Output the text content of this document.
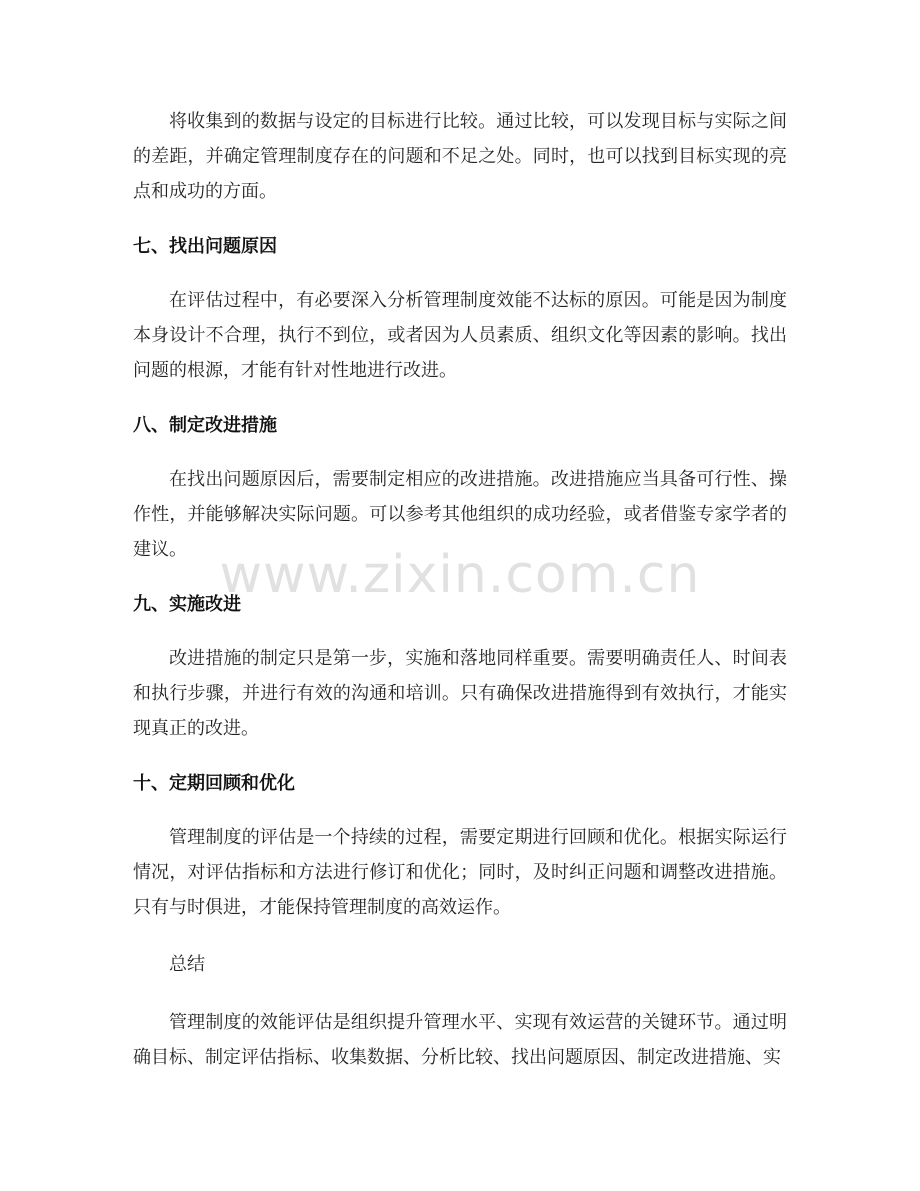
将收集到的数据与设定的目标进行比较。通过比较，可以发现目标与实际之间的差距，并确定管理制度存在的问题和不足之处。同时，也可以找到目标实现的亮点和成功的方面。

七、找出问题原因

在评估过程中，有必要深入分析管理制度效能不达标的原因。可能是因为制度本身设计不合理，执行不到位，或者因为人员素质、组织文化等因素的影响。找出问题的根源，才能有针对性地进行改进。

八、制定改进措施

在找出问题原因后，需要制定相应的改进措施。改进措施应当具备可行性、操作性，并能够解决实际问题。可以参考其他组织的成功经验，或者借鉴专家学者的建议。

九、实施改进

改进措施的制定只是第一步，实施和落地同样重要。需要明确责任人、时间表和执行步骤，并进行有效的沟通和培训。只有确保改进措施得到有效执行，才能实现真正的改进。

十、定期回顾和优化

管理制度的评估是一个持续的过程，需要定期进行回顾和优化。根据实际运行情况，对评估指标和方法进行修订和优化；同时，及时纠正问题和调整改进措施。只有与时俱进，才能保持管理制度的高效运作。

总结

管理制度的效能评估是组织提升管理水平、实现有效运营的关键环节。通过明确目标、制定评估指标、收集数据、分析比较、找出问题原因、制定改进措施、实

www.zixin.com.cn
